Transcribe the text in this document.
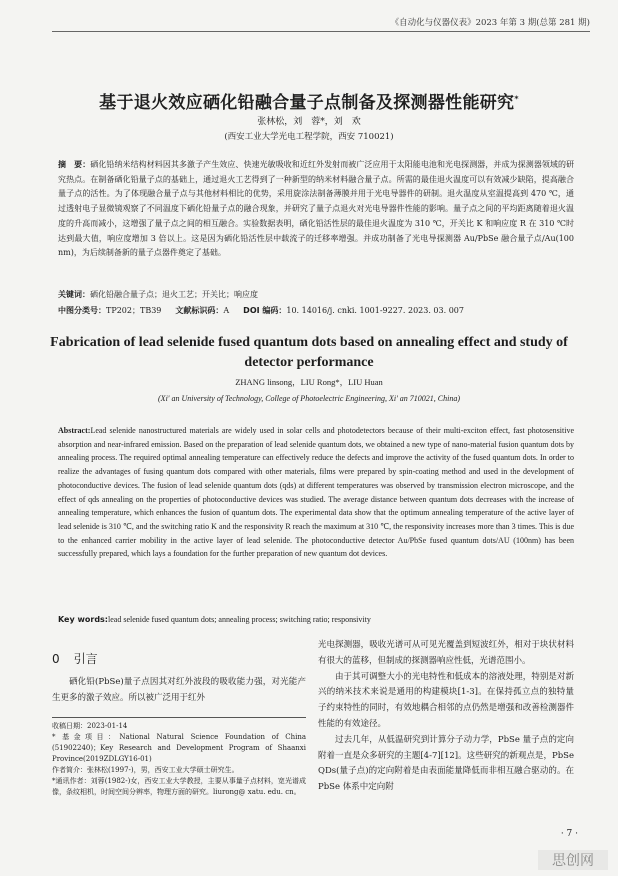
《自动化与仪器仪表》2023 年第 3 期(总第 281 期)
基于退火效应硒化铅融合量子点制备及探测器性能研究*
张林松，刘　蓉*，刘　欢
(西安工业大学光电工程学院，西安 710021)
摘　要：硒化铅纳米结构材料因其多激子产生效应、快速光敏吸收和近红外发射而被广泛应用于太阳能电池和光电探测器，并成为探测器领域的研究热点。在制备硒化铅量子点的基础上，通过退火工艺得到了一种新型的纳米材料融合量子点。所需的最佳退火温度可以有效减少缺陷，提高融合量子点的活性。为了体现融合量子点与其他材料相比的优势，采用旋涂法制备薄膜并用于光电导器件的研制。退火温度从室温提高到 470 ℃，通过透射电子显微镜观察了不同温度下硒化铅量子点的融合现象，并研究了量子点退火对光电导器件性能的影响。量子点之间的平均距离随着退火温度的升高而减小，这增强了量子点之间的相互融合。实验数据表明，硒化铅活性层的最佳退火温度为 310 ℃，开关比 K 和响应度 R 在 310 ℃时达到最大值，响应度增加 3 倍以上。这是因为硒化铅活性层中载流子的迁移率增强。并成功制备了光电导探测器 Au/PbSe 融合量子点/Au(100 nm)，为后续制备新的量子点器件奠定了基础。
关键词：硒化铅融合量子点；退火工艺；开关比；响应度
中图分类号：TP202；TB39 文献标识码：A DOI 编码：10. 14016/j. cnki. 1001-9227. 2023. 03. 007
Fabrication of lead selenide fused quantum dots based on annealing effect and study of detector performance
ZHANG linsong，LIU Rong*，LIU Huan
(Xi' an University of Technology, College of Photoelectric Engineering, Xi' an 710021, China)
Abstract:Lead selenide nanostructured materials are widely used in solar cells and photodetectors because of their multi-exciton effect, fast photosensitive absorption and near-infrared emission. Based on the preparation of lead selenide quantum dots, we obtained a new type of nano-material fusion quantum dots by annealing process. The required optimal annealing temperature can effectively reduce the defects and improve the activity of the fused quantum dots. In order to realize the advantages of fusing quantum dots compared with other materials, films were prepared by spin-coating method and used in the development of photoconductive devices. The fusion of lead selenide quantum dots (qds) at different temperatures was observed by transmission electron microscope, and the effect of qds annealing on the properties of photoconductive devices was studied. The average distance between quantum dots decreases with the increase of annealing temperature, which enhances the fusion of quantum dots. The experimental data show that the optimum annealing temperature of the active layer of lead selenide is 310 ℃, and the switching ratio K and the responsivity R reach the maximum at 310 ℃, the responsivity increases more than 3 times. This is due to the enhanced carrier mobility in the active layer of lead selenide. The photoconductive detector Au/PbSe fused quantum dots/AU (100nm) has been successfully prepared, which lays a foundation for the further preparation of new quantum dot devices.
Key words:lead selenide fused quantum dots; annealing process; switching ratio; responsivity
0 引言

硒化铅(PbSe)量子点因其对红外波段的吸收能力强，对光能产生更多的激子效应。所以被广泛用于红外

光电探测器，吸收光谱可从可见光覆盖到短波红外，相对于块状材料有很大的蓝移，但制成的探测器响应性低，光谱范围小。

由于其可调整大小的光电特性和低成本的溶液处理，特别是对新兴的纳米技术来说是通用的构建模块[1-3]。在保持孤立点的独特量子约束特性的同时，有效地耦合相邻的点仍然是增强和改善检测器件性能的有效途径。

过去几年，从低温研究到计算分子动力学，PbSe 量子点的定向附着一直是众多研究的主题[4-7][12]。这些研究的新观点是，PbSe QDs(量子点)的定向附着是由表面能量降低而非相互融合驱动的。在 PbSe 体系中定向附

收稿日期：2023-01-14

* 基金项目：National Natural Science Foundation of China (51902240)；Key Research and Development Program of Shaanxi Province(2019ZDLGY16-01)

作者简介：张林松(1997-)，男，西安工业大学硕士研究生。

*通讯作者：刘蓉(1982-)女，西安工业大学教授，主要从事量子点材料，宽光谱成像，条纹相机，时间空间分辨率，物理方面的研究。liurong@ xatu. edu. cn。

· 7 ·
思创网
